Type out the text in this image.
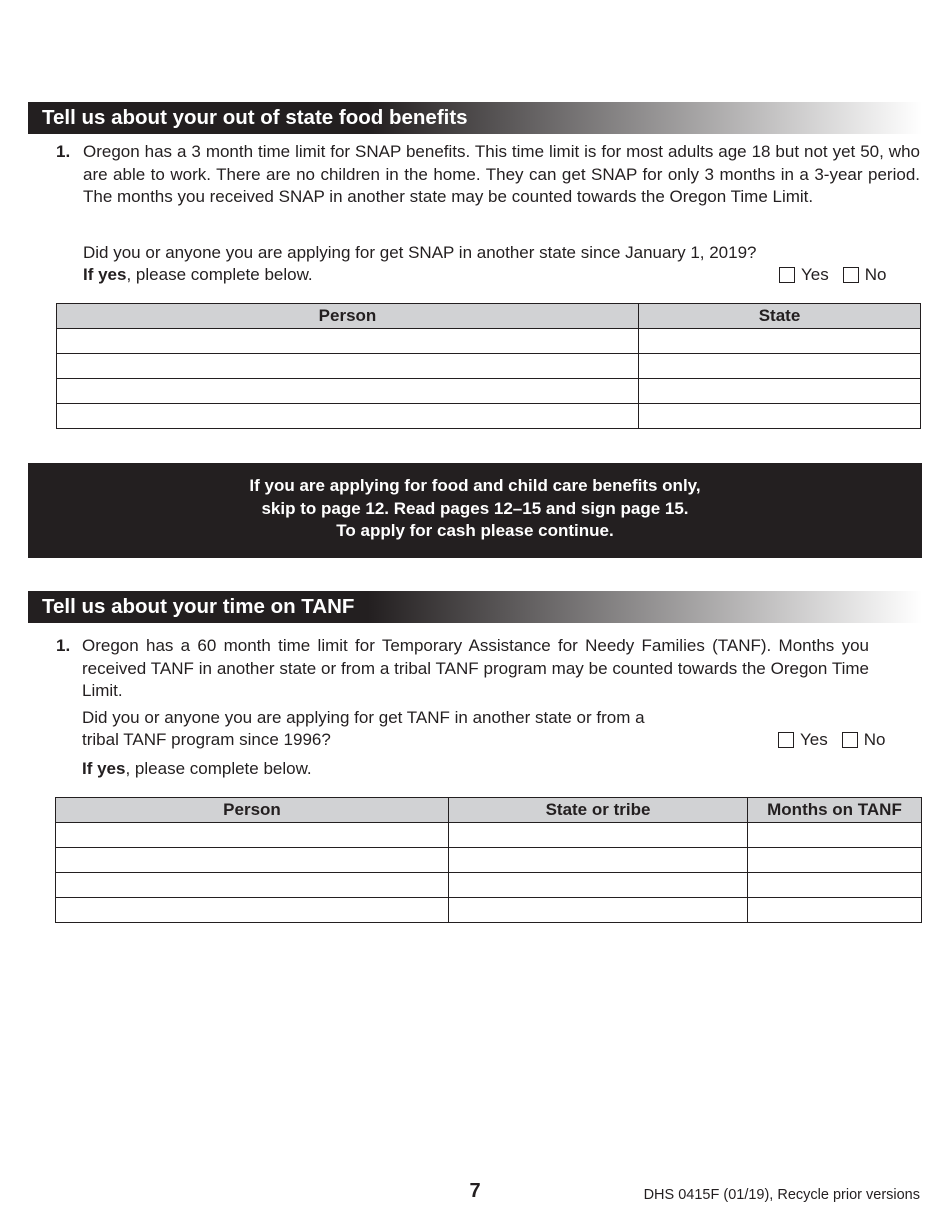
Tell us about your out of state food benefits
1. Oregon has a 3 month time limit for SNAP benefits. This time limit is for most adults age 18 but not yet 50, who are able to work. There are no children in the home. They can get SNAP for only 3 months in a 3-year period. The months you received SNAP in another state may be counted towards the Oregon Time Limit.
Did you or anyone you are applying for get SNAP in another state since January 1, 2019?
If yes, please complete below.	Yes No
Person	State

If you are applying for food and child care benefits only,
skip to page 12. Read pages 12–15 and sign page 15.
To apply for cash please continue.
Tell us about your time on TANF
1. Oregon has a 60 month time limit for Temporary Assistance for Needy Families (TANF). Months you received TANF in another state or from a tribal TANF program may be counted towards the Oregon Time Limit.
Did you or anyone you are applying for get TANF in another state or from a
tribal TANF program since 1996?	Yes No
If yes, please complete below.
Person	State or tribe	Months on TANF

7	DHS 0415F (01/19), Recycle prior versions
